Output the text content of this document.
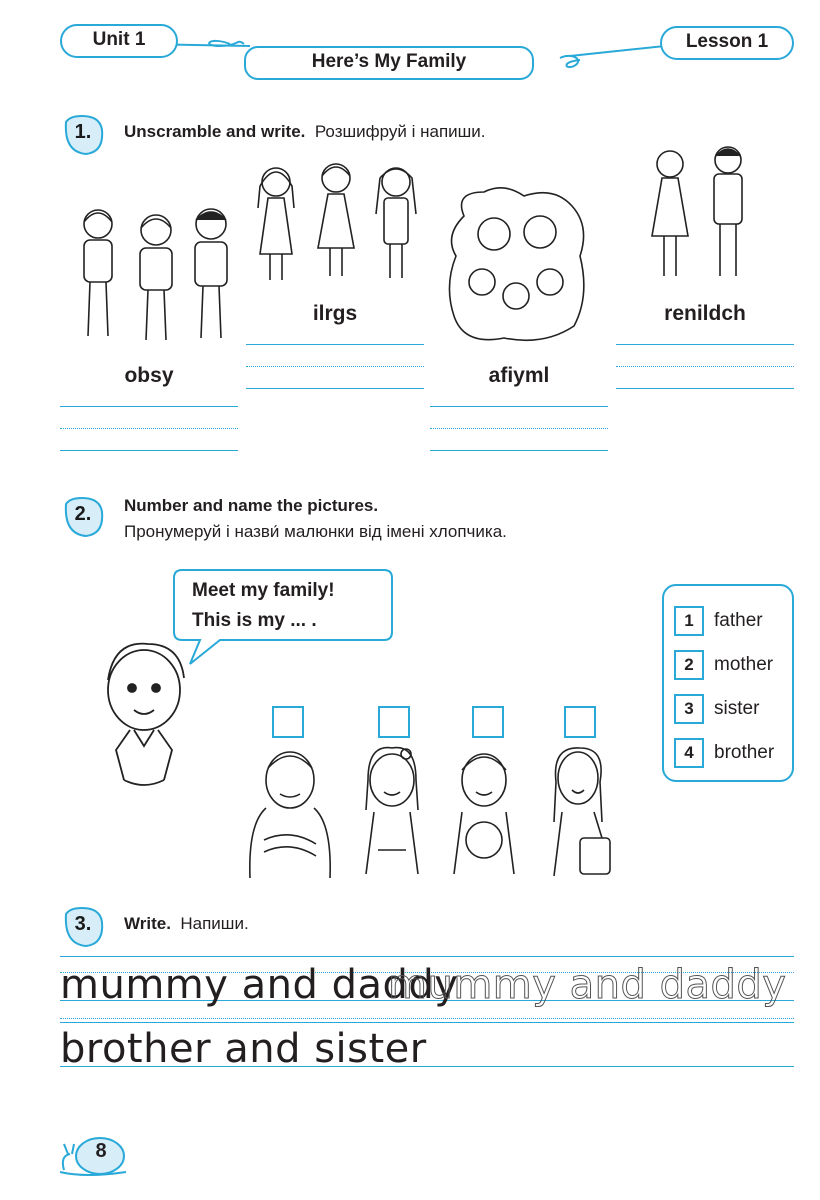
Unit 1	Lesson 1
Here’s My Family
1.	Unscramble and write. Розшифруй і напиши.
obsy
ilrgs
afiyml
renildch
2.	Number and name the pictures.
Пронумеруй і назви́ малюнки від імені хлопчика.
Meet my family!
This is my ... .	1	father
2	mother
3	sister
4	brother
3.	Write. Напиши.
mummy and daddy
mummy and daddy
brother and sister
8
